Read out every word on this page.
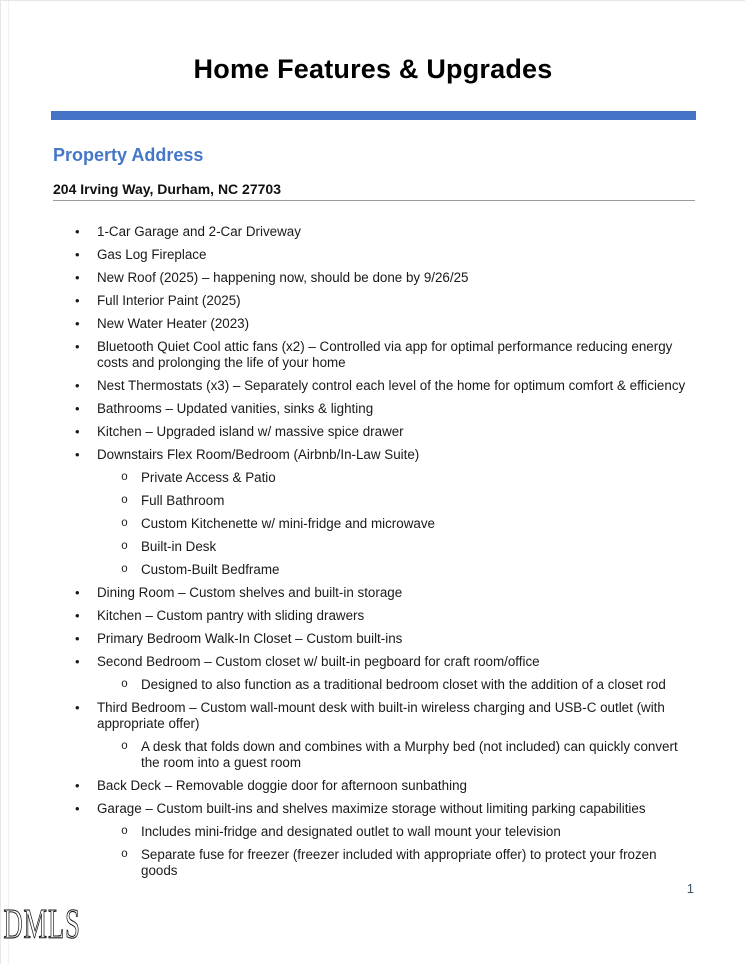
Home Features & Upgrades
Property Address
204 Irving Way, Durham, NC 27703
• 1-Car Garage and 2-Car Driveway
• Gas Log Fireplace
• New Roof (2025) – happening now, should be done by 9/26/25
• Full Interior Paint (2025)
• New Water Heater (2023)
• Bluetooth Quiet Cool attic fans (x2) – Controlled via app for optimal performance reducing energy costs and prolonging the life of your home
• Nest Thermostats (x3) – Separately control each level of the home for optimum comfort & efficiency
• Bathrooms – Updated vanities, sinks & lighting
• Kitchen – Upgraded island w/ massive spice drawer
• Downstairs Flex Room/Bedroom (Airbnb/In-Law Suite)
o Private Access & Patio
o Full Bathroom
o Custom Kitchenette w/ mini-fridge and microwave
o Built-in Desk
o Custom-Built Bedframe
• Dining Room – Custom shelves and built-in storage
• Kitchen – Custom pantry with sliding drawers
• Primary Bedroom Walk-In Closet – Custom built-ins
• Second Bedroom – Custom closet w/ built-in pegboard for craft room/office
o Designed to also function as a traditional bedroom closet with the addition of a closet rod
• Third Bedroom – Custom wall-mount desk with built-in wireless charging and USB-C outlet (with appropriate offer)
o A desk that folds down and combines with a Murphy bed (not included) can quickly convert the room into a guest room
• Back Deck – Removable doggie door for afternoon sunbathing
• Garage – Custom built-ins and shelves maximize storage without limiting parking capabilities
o Includes mini-fridge and designated outlet to wall mount your television
o Separate fuse for freezer (freezer included with appropriate offer) to protect your frozen goods
1
DMLS
